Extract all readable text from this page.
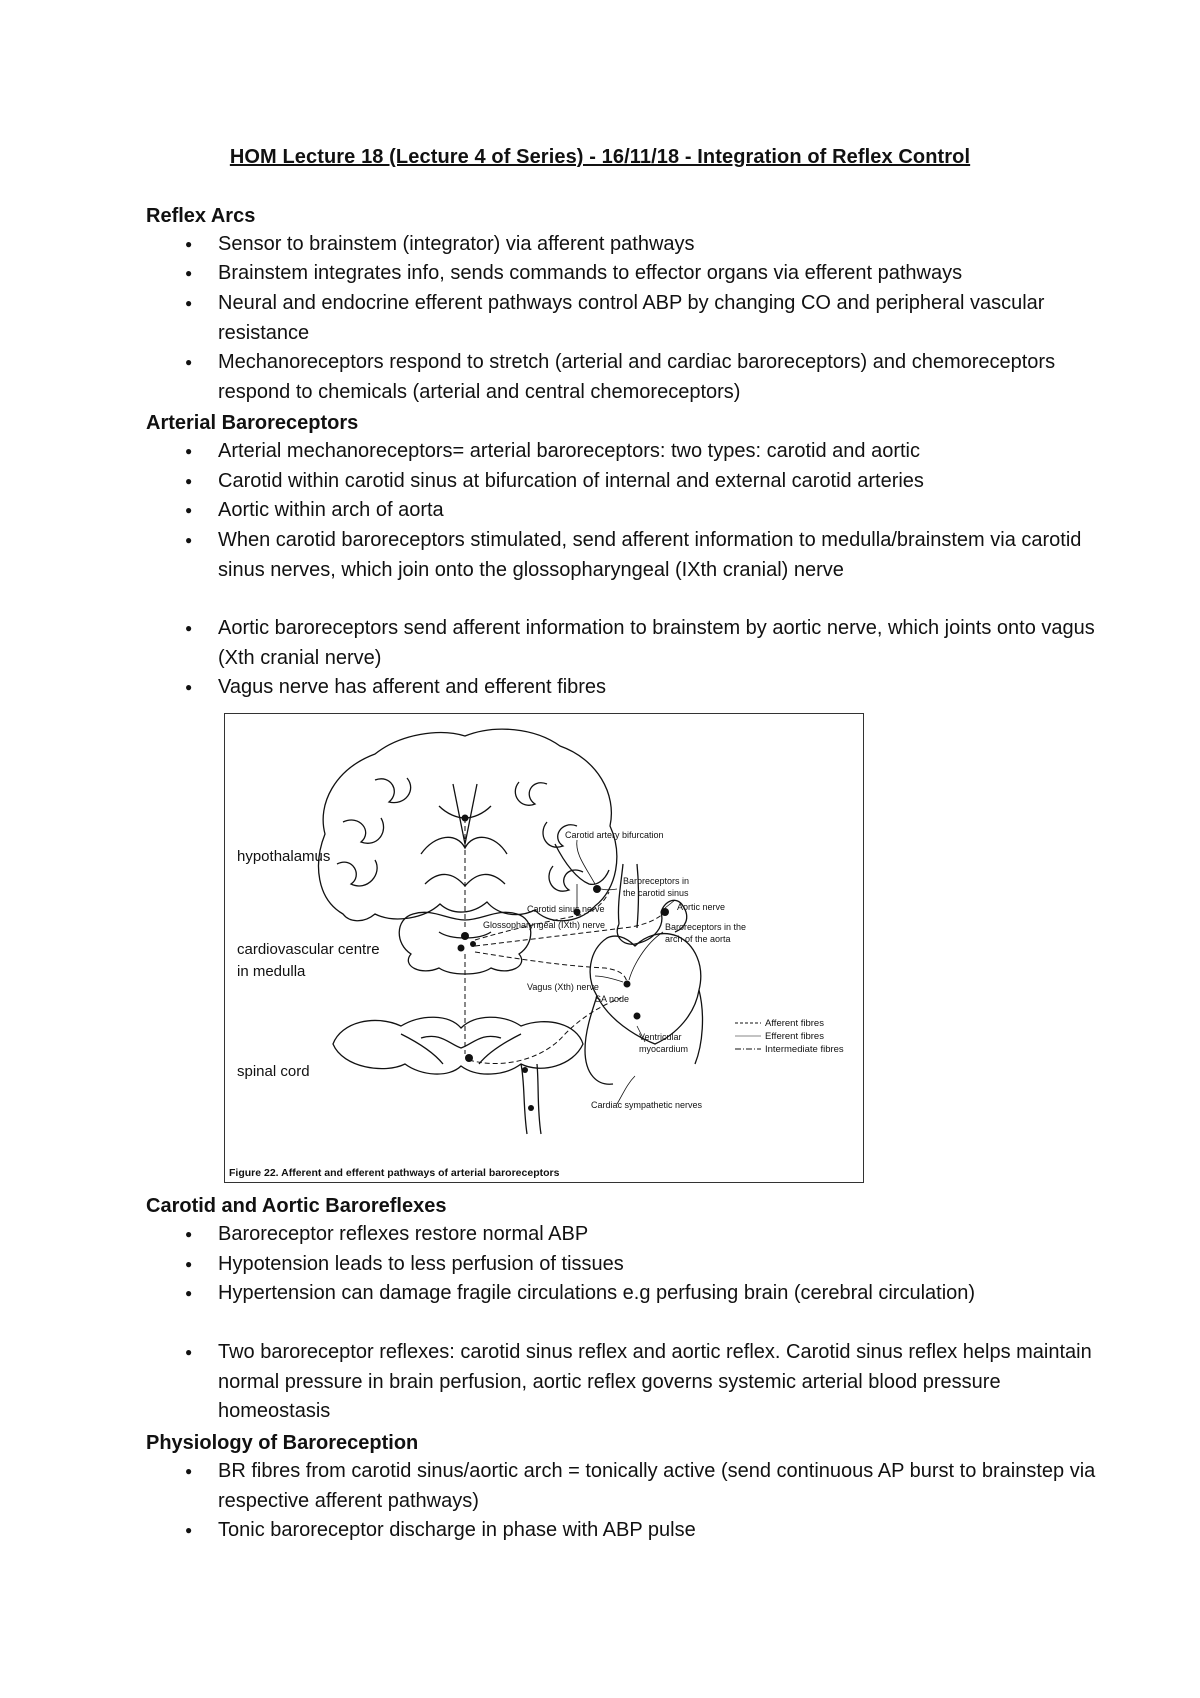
HOM Lecture 18 (Lecture 4 of Series) - 16/11/18 - Integration of Reflex Control
Reflex Arcs
● Sensor to brainstem (integrator) via afferent pathways
● Brainstem integrates info, sends commands to effector organs via efferent pathways
● Neural and endocrine efferent pathways control ABP by changing CO and peripheral vascular resistance
● Mechanoreceptors respond to stretch (arterial and cardiac baroreceptors) and chemoreceptors respond to chemicals (arterial and central chemoreceptors)
Arterial Baroreceptors
● Arterial mechanoreceptors= arterial baroreceptors: two types: carotid and aortic
● Carotid within carotid sinus at bifurcation of internal and external carotid arteries
● Aortic within arch of aorta
● When carotid baroreceptors stimulated, send afferent information to medulla/brainstem via carotid sinus nerves, which join onto the glossopharyngeal (IXth cranial) nerve
● Aortic baroreceptors send afferent information to brainstem by aortic nerve, which joints onto vagus (Xth cranial nerve)
● Vagus nerve has afferent and efferent fibres
hypothalamus
cardiovascular centre
in medulla
spinal cord
Carotid artery bifurcation
Baroreceptors in
the carotid sinus
Aortic nerve
Carotid sinus nerve
Glossopharyngeal (IXth) nerve	Baroreceptors in the
arch of the aorta
Vagus (Xth) nerve
SA node
Ventricular
myocardium
Cardiac sympathetic nerves
Afferent fibres
Efferent fibres
Intermediate fibres
Figure 22. Afferent and efferent pathways of arterial baroreceptors
Carotid and Aortic Baroreflexes
● Baroreceptor reflexes restore normal ABP
● Hypotension leads to less perfusion of tissues
● Hypertension can damage fragile circulations e.g perfusing brain (cerebral circulation)
● Two baroreceptor reflexes: carotid sinus reflex and aortic reflex. Carotid sinus reflex helps maintain normal pressure in brain perfusion, aortic reflex governs systemic arterial blood pressure homeostasis
Physiology of Baroreception
● BR fibres from carotid sinus/aortic arch = tonically active (send continuous AP burst to brainstep via respective afferent pathways)
● Tonic baroreceptor discharge in phase with ABP pulse
